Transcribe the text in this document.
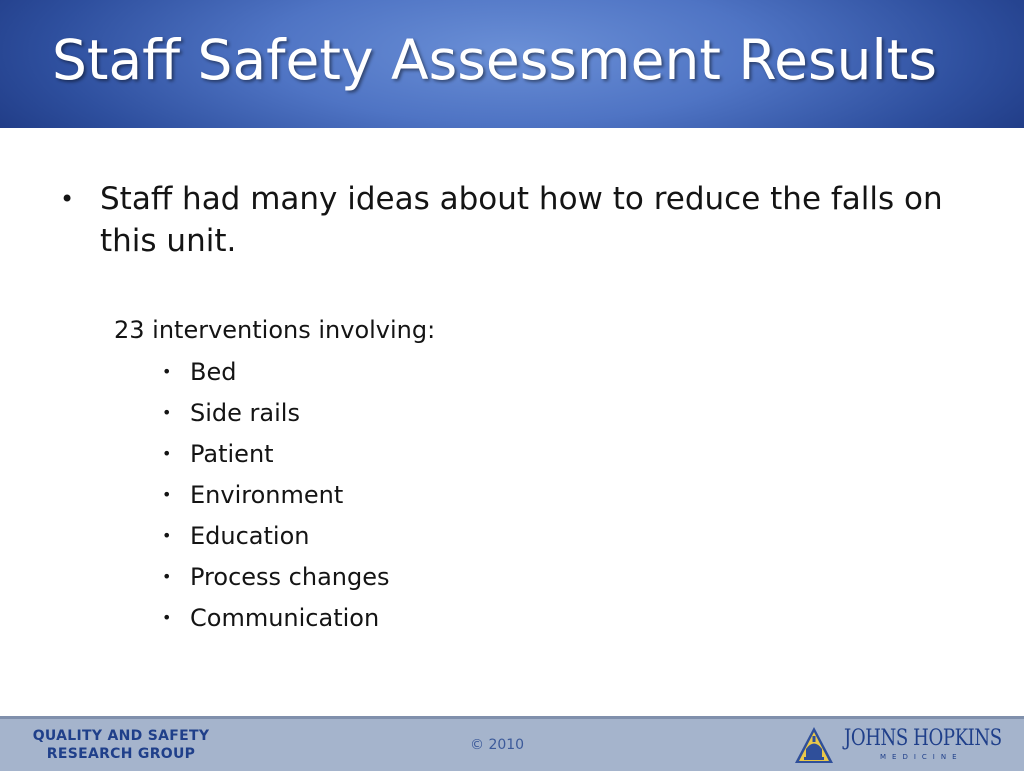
Staff Safety Assessment Results
• Staff had many ideas about how to reduce the falls on this unit.
23 interventions involving:
• Bed
• Side rails
• Patient
• Environment
• Education
• Process changes
• Communication
QUALITY AND SAFETY
RESEARCH GROUP
© 2010	JOHNS HOPKINS
MEDICINE
